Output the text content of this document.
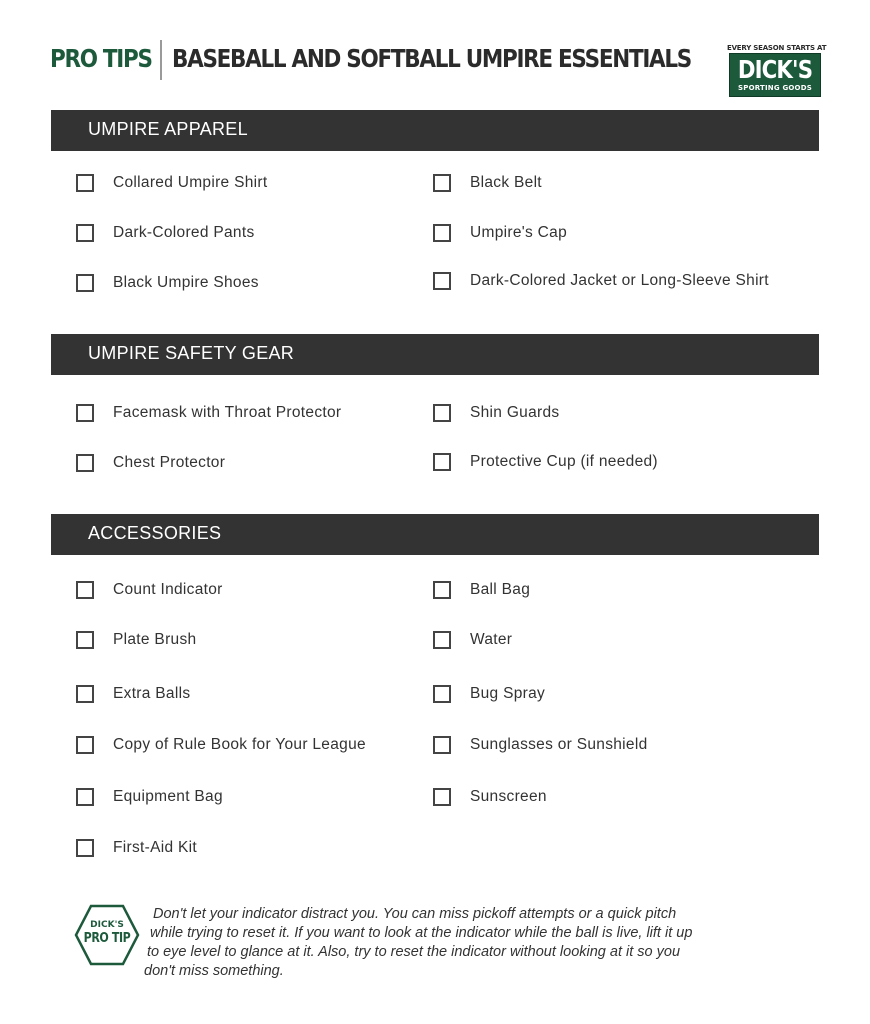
PRO TIPS BASEBALL AND SOFTBALL UMPIRE ESSENTIALS	EVERY SEASON STARTS AT
DICK'S
SPORTING GOODS
UMPIRE APPAREL
Collared Umpire Shirt
Dark-Colored Pants
Black Umpire Shoes
Black Belt
Umpire's Cap
Dark-Colored Jacket or Long-Sleeve Shirt
UMPIRE SAFETY GEAR
Facemask with Throat Protector
Chest Protector
Shin Guards
Protective Cup (if needed)
ACCESSORIES
Count Indicator
Plate Brush
Extra Balls
Copy of Rule Book for Your League
Equipment Bag
First-Aid Kit
Ball Bag
Water
Bug Spray
Sunglasses or Sunshield
Sunscreen
DICK'S
PRO TIP
Don't let your indicator distract you. You can miss pickoff attempts or a quick pitch
while trying to reset it. If you want to look at the indicator while the ball is live, lift it up
to eye level to glance at it. Also, try to reset the indicator without looking at it so you
don't miss something.
